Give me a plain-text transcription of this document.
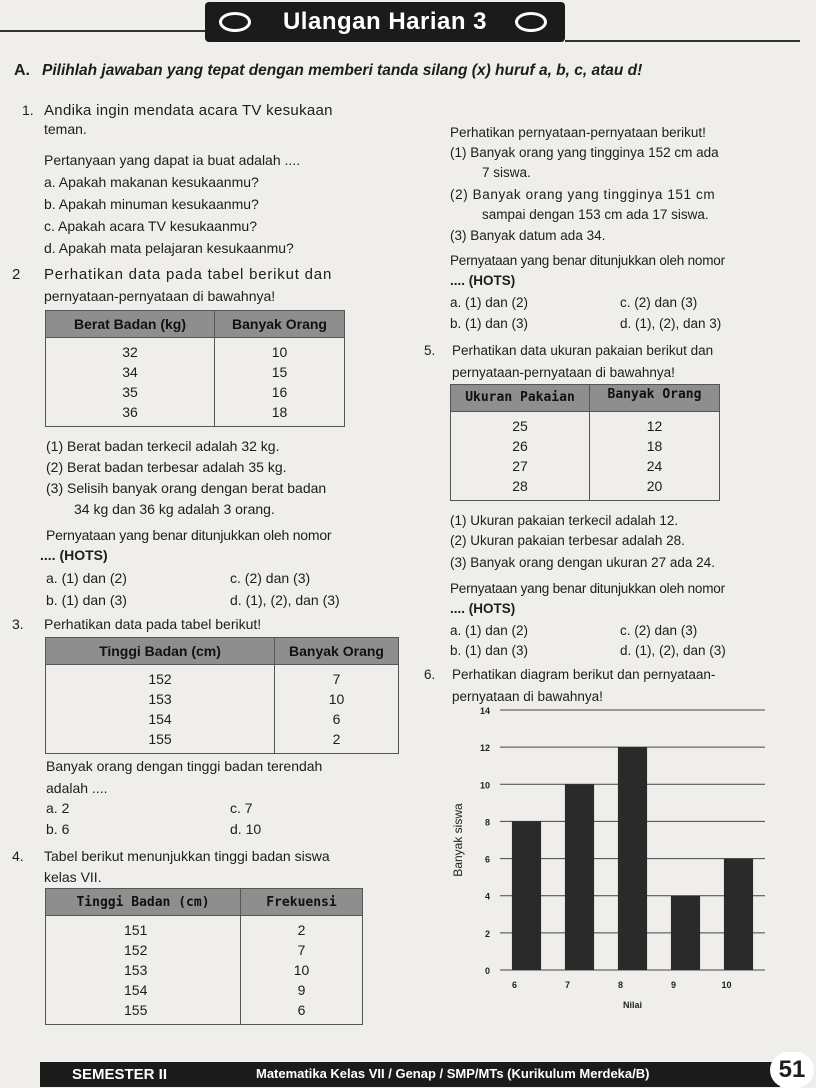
Ulangan Harian 3
A. Pilihlah jawaban yang tepat dengan memberi tanda silang (x) huruf a, b, c, atau d!
1. Andika ingin mendata acara TV kesukaan
teman.
Pertanyaan yang dapat ia buat adalah ....
a. Apakah makanan kesukaanmu?
b. Apakah minuman kesukaanmu?
c. Apakah acara TV kesukaanmu?
d. Apakah mata pelajaran kesukaanmu?
2 Perhatikan data pada tabel berikut dan
pernyataan-pernyataan di bawahnya!
Berat Badan (kg)	Banyak Orang
32	10
34	15
35	16
36	18
(1) Berat badan terkecil adalah 32 kg.
(2) Berat badan terbesar adalah 35 kg.
(3) Selisih banyak orang dengan berat badan
34 kg dan 36 kg adalah 3 orang.
Pernyataan yang benar ditunjukkan oleh nomor
.... (HOTS)
a. (1) dan (2)	c. (2) dan (3)
b. (1) dan (3)	d. (1), (2), dan (3)
3. Perhatikan data pada tabel berikut!
Tinggi Badan (cm)	Banyak Orang
152	7
153	10
154	6
155	2
Banyak orang dengan tinggi badan terendah
adalah ....
a. 2	c. 7
b. 6	d. 10
4. Tabel berikut menunjukkan tinggi badan siswa
kelas VII.
Tinggi Badan (cm)	Frekuensi
151	2
152	7
153	10
154	9
155	6
Perhatikan pernyataan-pernyataan berikut!
(1) Banyak orang yang tingginya 152 cm ada
7 siswa.
(2) Banyak orang yang tingginya 151 cm
sampai dengan 153 cm ada 17 siswa.
(3) Banyak datum ada 34.
Pernyataan yang benar ditunjukkan oleh nomor
.... (HOTS)
a. (1) dan (2)	c. (2) dan (3)
b. (1) dan (3)	d. (1), (2), dan 3)
5. Perhatikan data ukuran pakaian berikut dan
pernyataan-pernyataan di bawahnya!
Ukuran Pakaian	Banyak Orang
25	12
26	18
27	24
28	20
(1) Ukuran pakaian terkecil adalah 12.
(2) Ukuran pakaian terbesar adalah 28.
(3) Banyak orang dengan ukuran 27 ada 24.
Pernyataan yang benar ditunjukkan oleh nomor
.... (HOTS)
a. (1) dan (2)	c. (2) dan (3)
b. (1) dan (3)	d. (1), (2), dan (3)
6. Perhatikan diagram berikut dan pernyataan-
pernyataan di bawahnya!
0
2
4
6
8
10
12
14
6	7	8	9	10
Nilai
Banyak siswa
SEMESTER II	Matematika Kelas VII / Genap / SMP/MTs (Kurikulum Merdeka/B)	51
